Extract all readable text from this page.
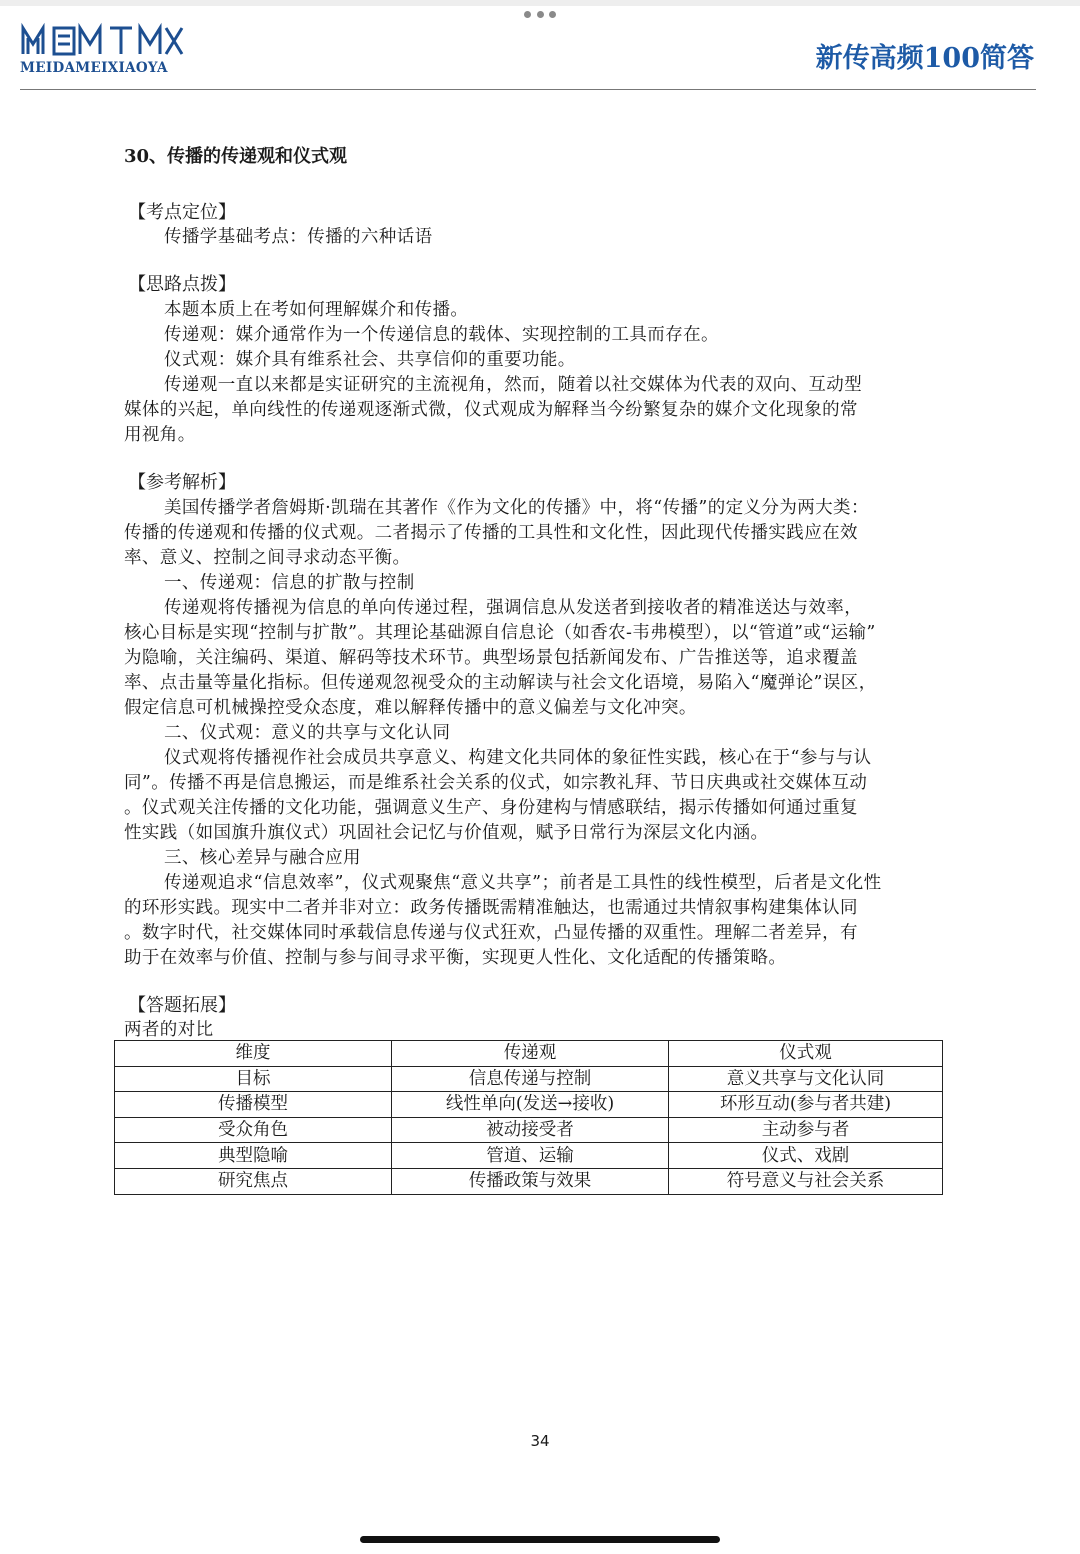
MEIDAMEIXIAOYA	新传高频100简答
30、传播的传递观和仪式观
【考点定位】
传播学基础考点：传播的六种话语
【思路点拨】
本题本质上在考如何理解媒介和传播。
传递观：媒介通常作为一个传递信息的载体、实现控制的工具而存在。
仪式观：媒介具有维系社会、共享信仰的重要功能。
传递观一直以来都是实证研究的主流视角，然而，随着以社交媒体为代表的双向、互动型
媒体的兴起，单向线性的传递观逐渐式微，仪式观成为解释当今纷繁复杂的媒介文化现象的常
用视角。
【参考解析】
美国传播学者詹姆斯·凯瑞在其著作《作为文化的传播》中，将“传播”的定义分为两大类：
传播的传递观和传播的仪式观。二者揭示了传播的工具性和文化性，因此现代传播实践应在效
率、意义、控制之间寻求动态平衡。
一、传递观：信息的扩散与控制
传递观将传播视为信息的单向传递过程，强调信息从发送者到接收者的精准送达与效率，
核心目标是实现“控制与扩散”。其理论基础源自信息论（如香农-韦弗模型），以“管道”或“运输”
为隐喻，关注编码、渠道、解码等技术环节。典型场景包括新闻发布、广告推送等，追求覆盖
率、点击量等量化指标。但传递观忽视受众的主动解读与社会文化语境，易陷入“魔弹论”误区，
假定信息可机械操控受众态度，难以解释传播中的意义偏差与文化冲突。
二、仪式观：意义的共享与文化认同
仪式观将传播视作社会成员共享意义、构建文化共同体的象征性实践，核心在于“参与与认
同”。传播不再是信息搬运，而是维系社会关系的仪式，如宗教礼拜、节日庆典或社交媒体互动
。仪式观关注传播的文化功能，强调意义生产、身份建构与情感联结，揭示传播如何通过重复
性实践（如国旗升旗仪式）巩固社会记忆与价值观，赋予日常行为深层文化内涵。
三、核心差异与融合应用
传递观追求“信息效率”，仪式观聚焦“意义共享”；前者是工具性的线性模型，后者是文化性
的环形实践。现实中二者并非对立：政务传播既需精准触达，也需通过共情叙事构建集体认同
。数字时代，社交媒体同时承载信息传递与仪式狂欢，凸显传播的双重性。理解二者差异，有
助于在效率与价值、控制与参与间寻求平衡，实现更人性化、文化适配的传播策略。
【答题拓展】
两者的对比
维度	传递观	仪式观
目标	信息传递与控制	意义共享与文化认同
传播模型	线性单向(发送→接收)	环形互动(参与者共建)
受众角色	被动接受者	主动参与者
典型隐喻	管道、运输	仪式、戏剧
研究焦点	传播政策与效果	符号意义与社会关系
34
